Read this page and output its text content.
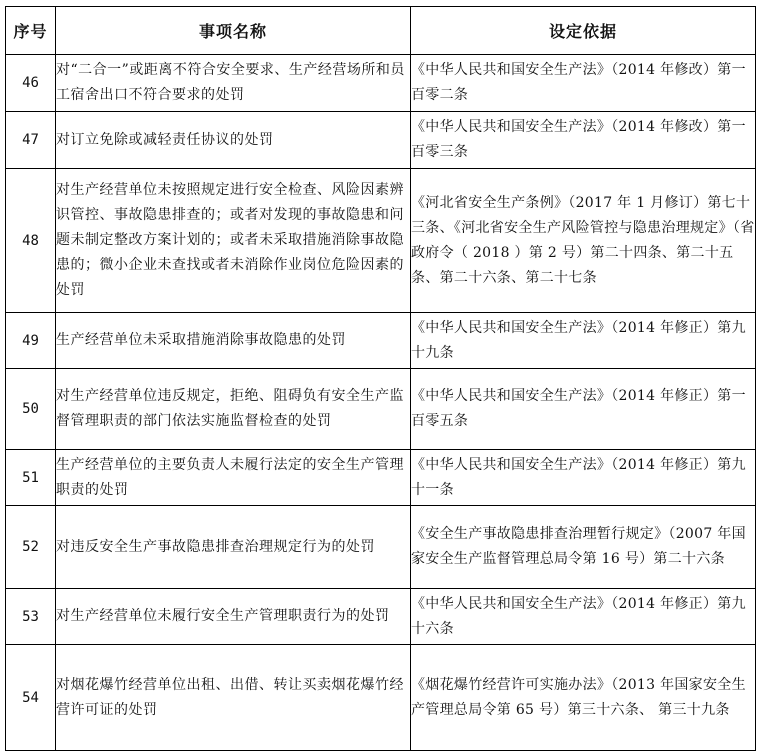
序号	事项名称	设定依据
46	对“二合一”或距离不符合安全要求、生产经营场所和员工宿舍出口不符合要求的处罚	《中华人民共和国安全生产法》（2014 年修改）第一百零二条

47	对订立免除或减轻责任协议的处罚	《中华人民共和国安全生产法》（2014 年修改）第一百零三条

48	对生产经营单位未按照规定进行安全检查、风险因素辨识管控、事故隐患排查的；或者对发现的事故隐患和问题未制定整改方案计划的；或者未采取措施消除事故隐患的；微小企业未查找或者未消除作业岗位危险因素的处罚	《河北省安全生产条例》（2017 年 1 月修订）第七十三条、《河北省安全生产风险管控与隐患治理规定》（省政府令（ 2018 ）第 2 号）第二十四条、第二十五条、第二十六条、第二十七条

49	生产经营单位未采取措施消除事故隐患的处罚	《中华人民共和国安全生产法》（2014 年修正）第九十九条

50	对生产经营单位违反规定，拒绝、阻碍负有安全生产监督管理职责的部门依法实施监督检查的处罚	《中华人民共和国安全生产法》（2014 年修正）第一百零五条

51	生产经营单位的主要负责人未履行法定的安全生产管理职责的处罚	《中华人民共和国安全生产法》（2014 年修正）第九十一条

52	对违反安全生产事故隐患排查治理规定行为的处罚	《安全生产事故隐患排查治理暂行规定》（2007 年国家安全生产监督管理总局令第 16 号）第二十六条

53	对生产经营单位未履行安全生产管理职责行为的处罚	《中华人民共和国安全生产法》（2014 年修正）第九十六条

54	对烟花爆竹经营单位出租、出借、转让买卖烟花爆竹经营许可证的处罚	《烟花爆竹经营许可实施办法》（2013 年国家安全生产管理总局令第 65 号）第三十六条、 第三十九条
